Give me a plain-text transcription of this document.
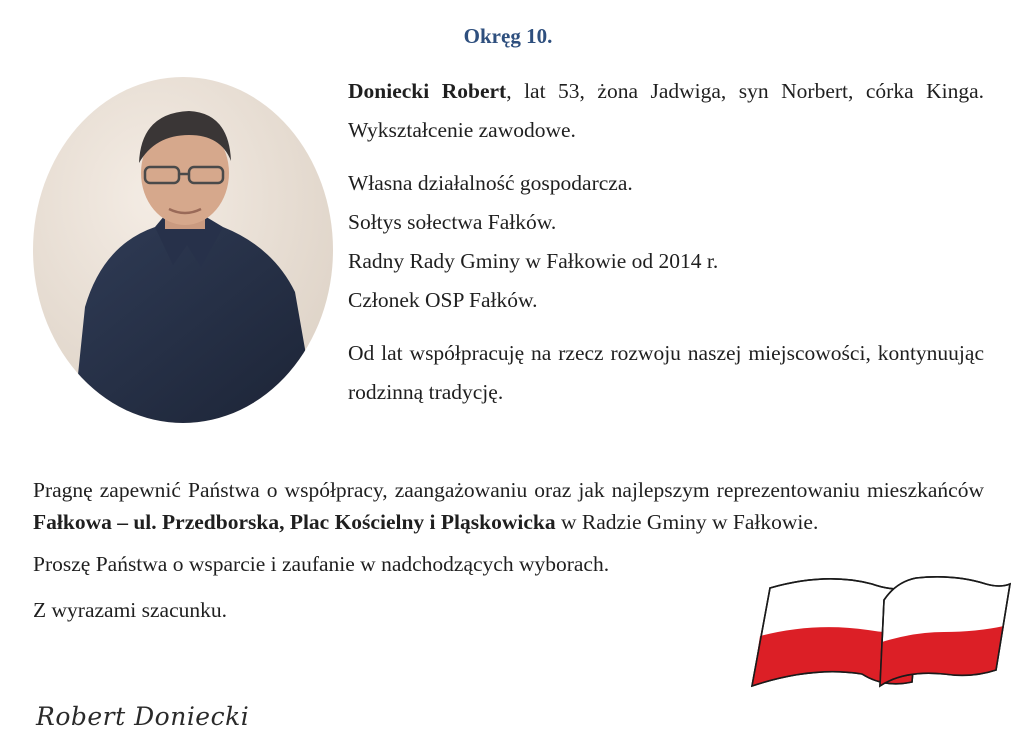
Okręg 10.

Doniecki Robert, lat 53, żona Jadwiga, syn Norbert, córka Kinga. Wykształcenie zawodowe.

Własna działalność gospodarcza.

Sołtys sołectwa Fałków.

Radny Rady Gminy w Fałkowie od 2014 r.

Członek OSP Fałków.

Od lat współpracuję na rzecz rozwoju naszej miejscowości, kontynuując rodzinną tradycję.

Pragnę zapewnić Państwa o współpracy, zaangażowaniu oraz jak najlepszym reprezentowaniu mieszkańców Fałkowa – ul. Przedborska, Plac Kościelny i Pląskowicka w Radzie Gminy w Fałkowie.

Proszę Państwa o wsparcie i zaufanie w nadchodzących wyborach.

Z wyrazami szacunku.

Robert Doniecki
